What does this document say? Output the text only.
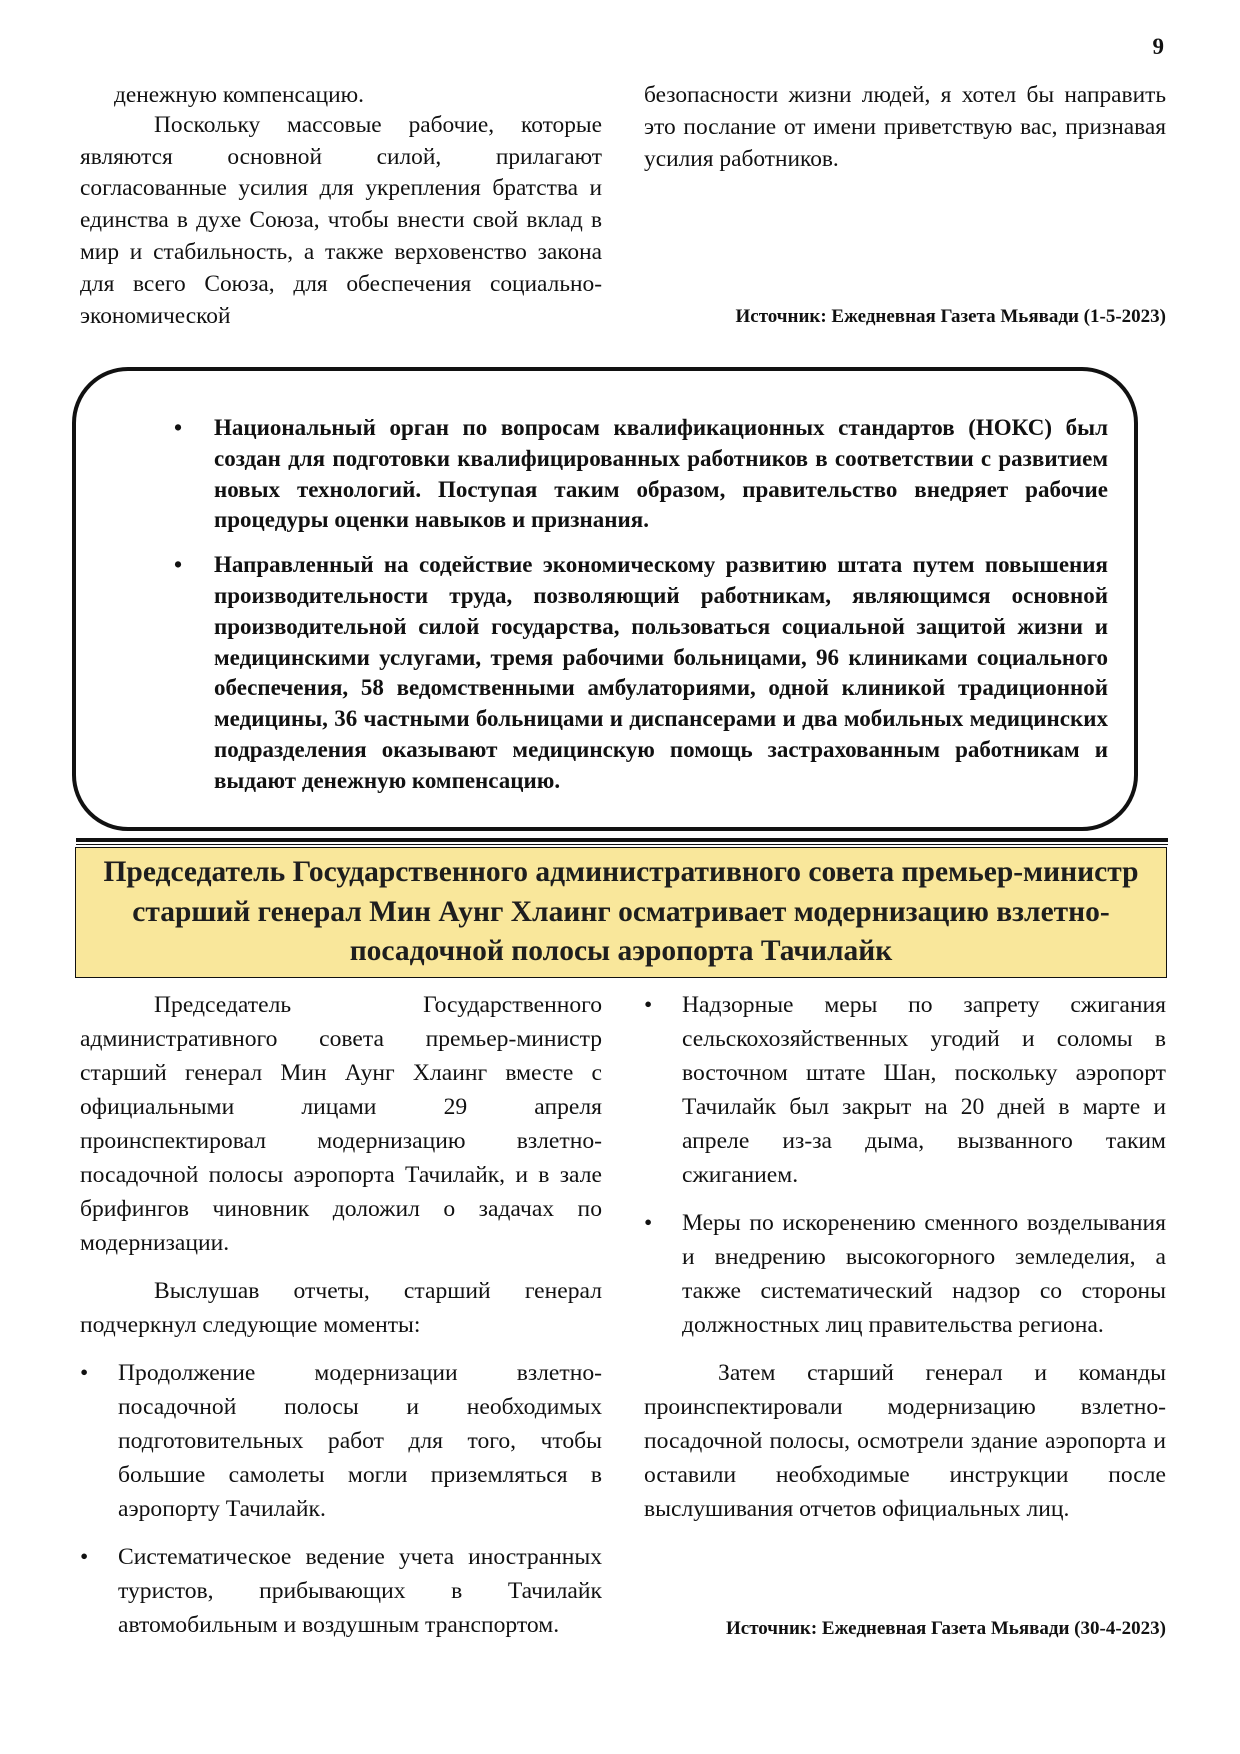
9

денежную компенсацию.

Поскольку массовые рабочие, которые являются основной силой, прилагают согласованные усилия для укрепления братства и единства в духе Союза, чтобы внести свой вклад в мир и стабильность, а также верховенство закона для всего Союза, для обеспечения социально-экономической

безопасности жизни людей, я хотел бы направить это послание от имени приветствую вас, признавая усилия работников.

Источник: Ежедневная Газета Мьявади (1-5-2023)
• Национальный орган по вопросам квалификационных стандартов (НОКС) был создан для подготовки квалифицированных работников в соответствии с развитием новых технологий. Поступая таким образом, правительство внедряет рабочие процедуры оценки навыков и признания.
• Направленный на содействие экономическому развитию штата путем повышения производительности труда, позволяющий работникам, являющимся основной производительной силой государства, пользоваться социальной защитой жизни и медицинскими услугами, тремя рабочими больницами, 96 клиниками социального обеспечения, 58 ведомственными амбулаториями, одной клиникой традиционной медицины, 36 частными больницами и диспансерами и два мобильных медицинских подразделения оказывают медицинскую помощь застрахованным работникам и выдают денежную компенсацию.
Председатель Государственного административного совета премьер-министр старший генерал Мин Аунг Хлаинг осматривает модернизацию взлетно-посадочной полосы аэропорта Тачилайк

Председатель Государственного административного совета премьер-министр старший генерал Мин Аунг Хлаинг вместе с официальными лицами 29 апреля проинспектировал модернизацию взлетно-посадочной полосы аэропорта Тачилайк, и в зале брифингов чиновник доложил о задачах по модернизации.

Выслушав отчеты, старший генерал подчеркнул следующие моменты:

• Продолжение модернизации взлетно-посадочной полосы и необходимых подготовительных работ для того, чтобы большие самолеты могли приземляться в аэропорту Тачилайк.
• Систематическое ведение учета иностранных туристов, прибывающих в Тачилайк автомобильным и воздушным транспортом.
• Надзорные меры по запрету сжигания сельскохозяйственных угодий и соломы в восточном штате Шан, поскольку аэропорт Тачилайк был закрыт на 20 дней в марте и апреле из-за дыма, вызванного таким сжиганием.
• Меры по искоренению сменного возделывания и внедрению высокогорного земледелия, а также систематический надзор со стороны должностных лиц правительства региона.

Затем старший генерал и команды проинспектировали модернизацию взлетно-посадочной полосы, осмотрели здание аэропорта и оставили необходимые инструкции после выслушивания отчетов официальных лиц.

Источник: Ежедневная Газета Мьявади (30-4-2023)
